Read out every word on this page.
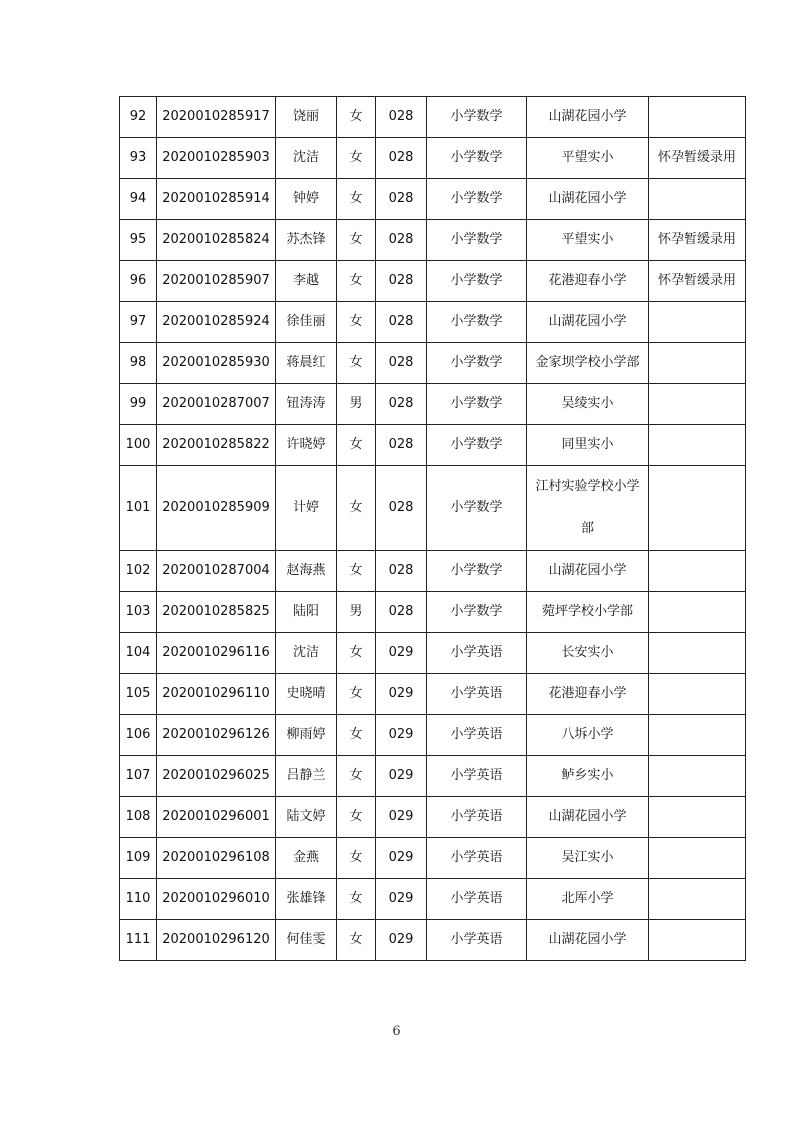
92	2020010285917	饶丽	女	028	小学数学	山湖花园小学	
93	2020010285903	沈洁	女	028	小学数学	平望实小	怀孕暂缓录用
94	2020010285914	钟婷	女	028	小学数学	山湖花园小学	
95	2020010285824	苏杰锋	女	028	小学数学	平望实小	怀孕暂缓录用
96	2020010285907	李越	女	028	小学数学	花港迎春小学	怀孕暂缓录用
97	2020010285924	徐佳丽	女	028	小学数学	山湖花园小学	
98	2020010285930	蒋晨红	女	028	小学数学	金家坝学校小学部	
99	2020010287007	钮涛涛	男	028	小学数学	吴绫实小	
100	2020010285822	许晓婷	女	028	小学数学	同里实小	
101	2020010285909	计婷	女	028	小学数学	江村实验学校小学部	
102	2020010287004	赵海燕	女	028	小学数学	山湖花园小学	
103	2020010285825	陆阳	男	028	小学数学	菀坪学校小学部	
104	2020010296116	沈洁	女	029	小学英语	长安实小	
105	2020010296110	史晓晴	女	029	小学英语	花港迎春小学	
106	2020010296126	柳雨婷	女	029	小学英语	八坼小学	
107	2020010296025	吕静兰	女	029	小学英语	鲈乡实小	
108	2020010296001	陆文婷	女	029	小学英语	山湖花园小学	
109	2020010296108	金燕	女	029	小学英语	吴江实小	
110	2020010296010	张雄锋	女	029	小学英语	北厍小学	
111	2020010296120	何佳雯	女	029	小学英语	山湖花园小学	
6
